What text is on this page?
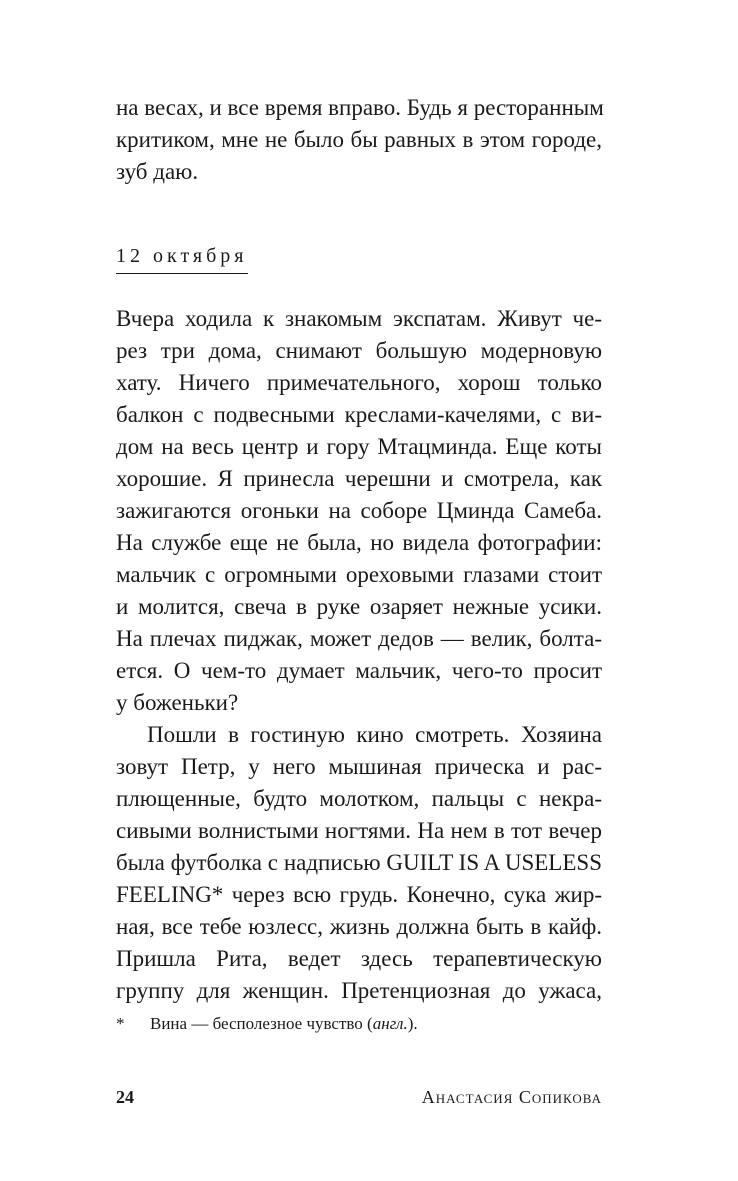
на весах, и все время вправо. Будь я ресторанным
критиком, мне не было бы равных в этом городе,
зуб даю.
12 октября
Вчера ходила к знакомым экспатам. Живут че-
рез три дома, снимают большую модерновую
хату. Ничего примечательного, хорош только
балкон с подвесными креслами-качелями, с ви-
дом на весь центр и гору Мтацминда. Еще коты
хорошие. Я принесла черешни и смотрела, как
зажигаются огоньки на соборе Цминда Самеба.
На службе еще не была, но видела фотографии:
мальчик с огромными ореховыми глазами стоит
и молится, свеча в руке озаряет нежные усики.
На плечах пиджак, может дедов — велик, болта-
ется. О чем-то думает мальчик, чего-то просит
у боженьки?
Пошли в гостиную кино смотреть. Хозяина
зовут Петр, у него мышиная прическа и рас-
плющенные, будто молотком, пальцы с некра-
сивыми волнистыми ногтями. На нем в тот вечер
была футболка с надписью GUILT IS A USELESS
FEELING* через всю грудь. Конечно, сука жир-
ная, все тебе юзлесс, жизнь должна быть в кайф.
Пришла Рита, ведет здесь терапевтическую
группу для женщин. Претенциозная до ужаса,
* Вина — бесполезное чувство (англ.).
24	Анастасия Сопикова
